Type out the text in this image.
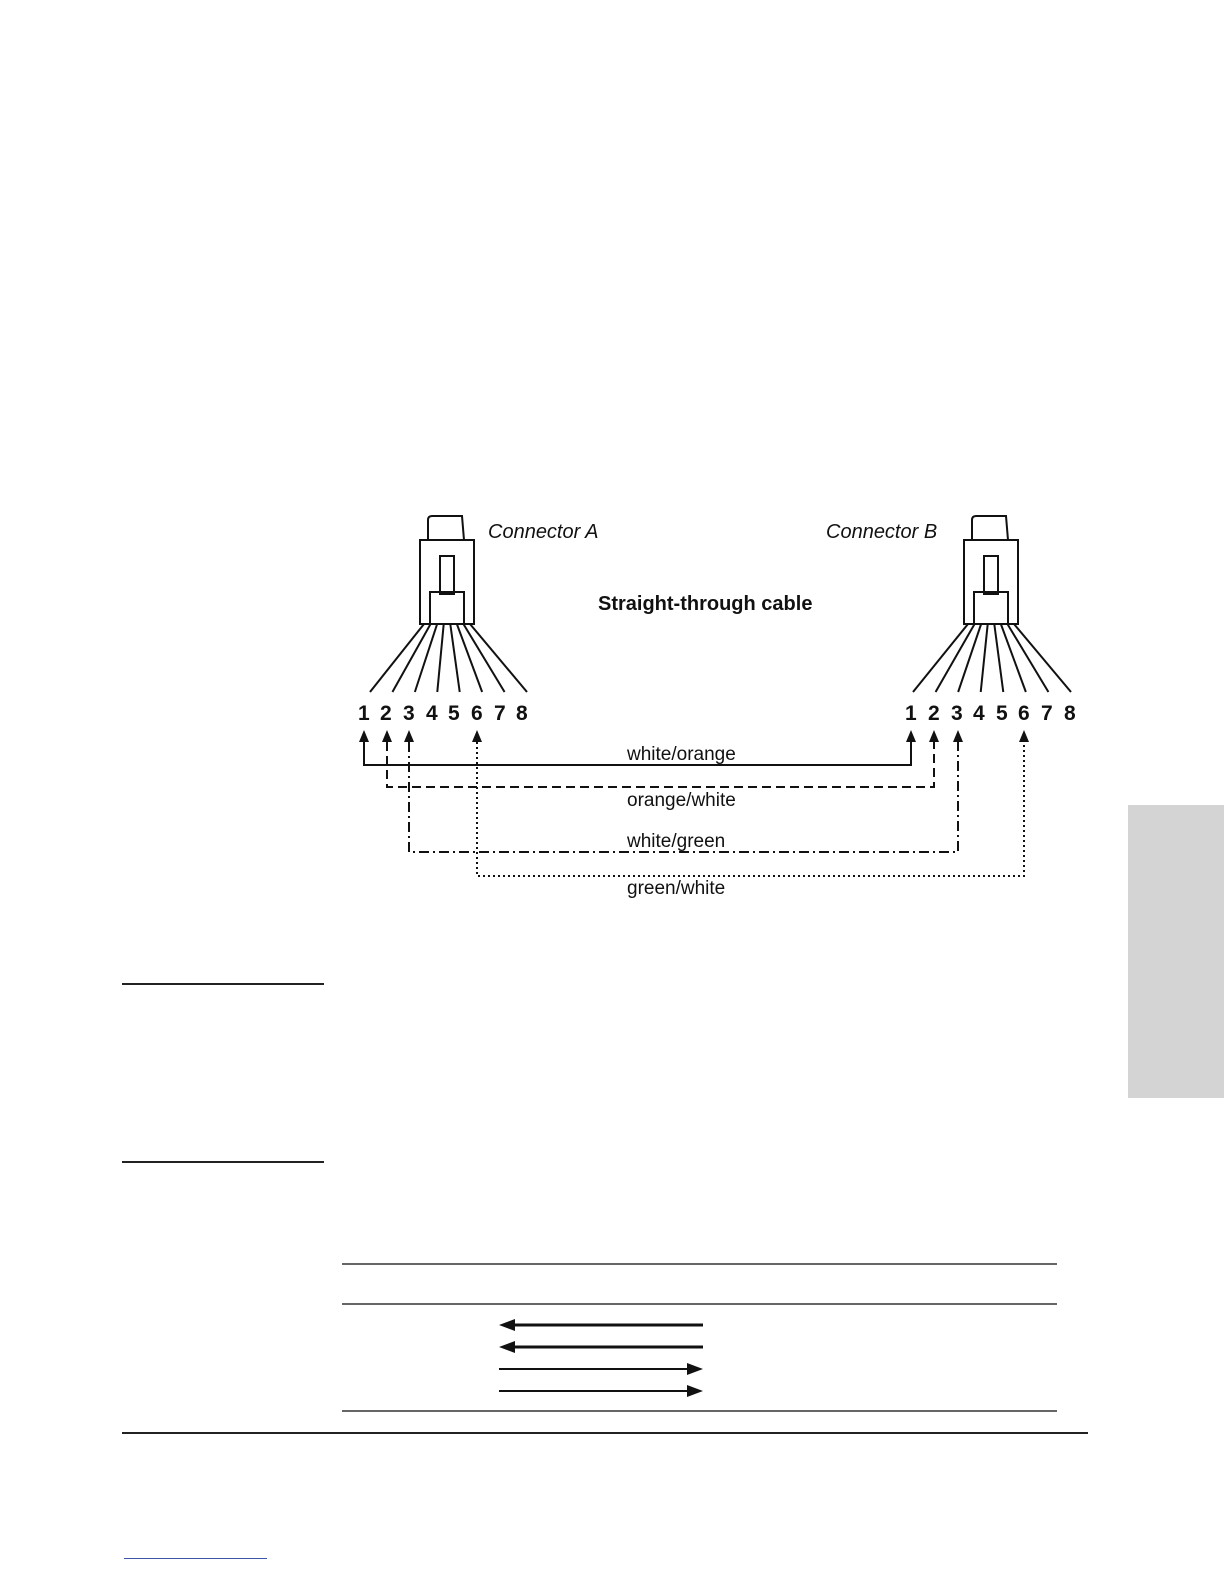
Connector A	Connector B
Straight-through cable
1 2 3 4 5 6 7 8	1 2 3 4 5 6 7 8
white/orange
orange/white
white/green
green/white
